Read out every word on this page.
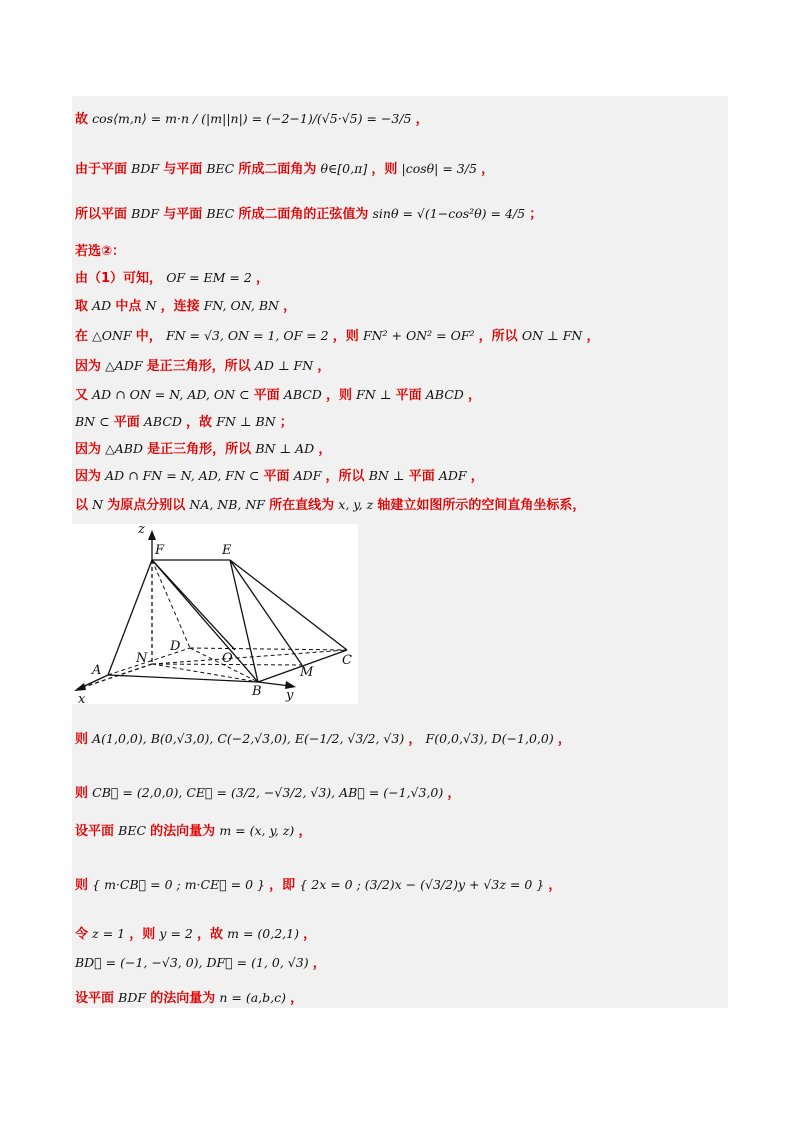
故 cos⟨m,n⟩ = m·n / (|m||n|) = (−2−1)/(√5·√5) = −3/5 ，
由于平面 BDF 与平面 BEC 所成二面角为 θ∈[0,π] ，则 |cosθ| = 3/5 ，
所以平面 BDF 与平面 BEC 所成二面角的正弦值为 sinθ = √(1−cos²θ) = 4/5 ；
若选②：
由（1）可知， OF = EM = 2 ，
取 AD 中点 N ，连接 FN, ON, BN ，
在 △ONF 中， FN = √3, ON = 1, OF = 2 ，则 FN² + ON² = OF² ，所以 ON ⊥ FN ，
因为 △ADF 是正三角形，所以 AD ⊥ FN ，
又 AD ∩ ON = N, AD, ON ⊂ 平面 ABCD ，则 FN ⊥ 平面 ABCD ，
BN ⊂ 平面 ABCD ，故 FN ⊥ BN ；
因为 △ABD 是正三角形，所以 BN ⊥ AD ，
因为 AD ∩ FN = N, AD, FN ⊂ 平面 ADF ，所以 BN ⊥ 平面 ADF ，
以 N 为原点分别以 NA, NB, NF 所在直线为 x, y, z 轴建立如图所示的空间直角坐标系，
z
F	E
D
N	O
A
B
M
C
y
x
则 A(1,0,0), B(0,√3,0), C(−2,√3,0), E(−1/2, √3/2, √3) ， F(0,0,√3), D(−1,0,0) ，
则 CB⃗ = (2,0,0), CE⃗ = (3/2, −√3/2, √3), AB⃗ = (−1,√3,0) ，
设平面 BEC 的法向量为 m = (x, y, z) ，
则 { m·CB⃗ = 0 ; m·CE⃗ = 0 } ，即 { 2x = 0 ; (3/2)x − (√3/2)y + √3z = 0 } ，
令 z = 1 ，则 y = 2 ，故 m = (0,2,1) ，
BD⃗ = (−1, −√3, 0), DF⃗ = (1, 0, √3) ，
设平面 BDF 的法向量为 n = (a,b,c) ，
